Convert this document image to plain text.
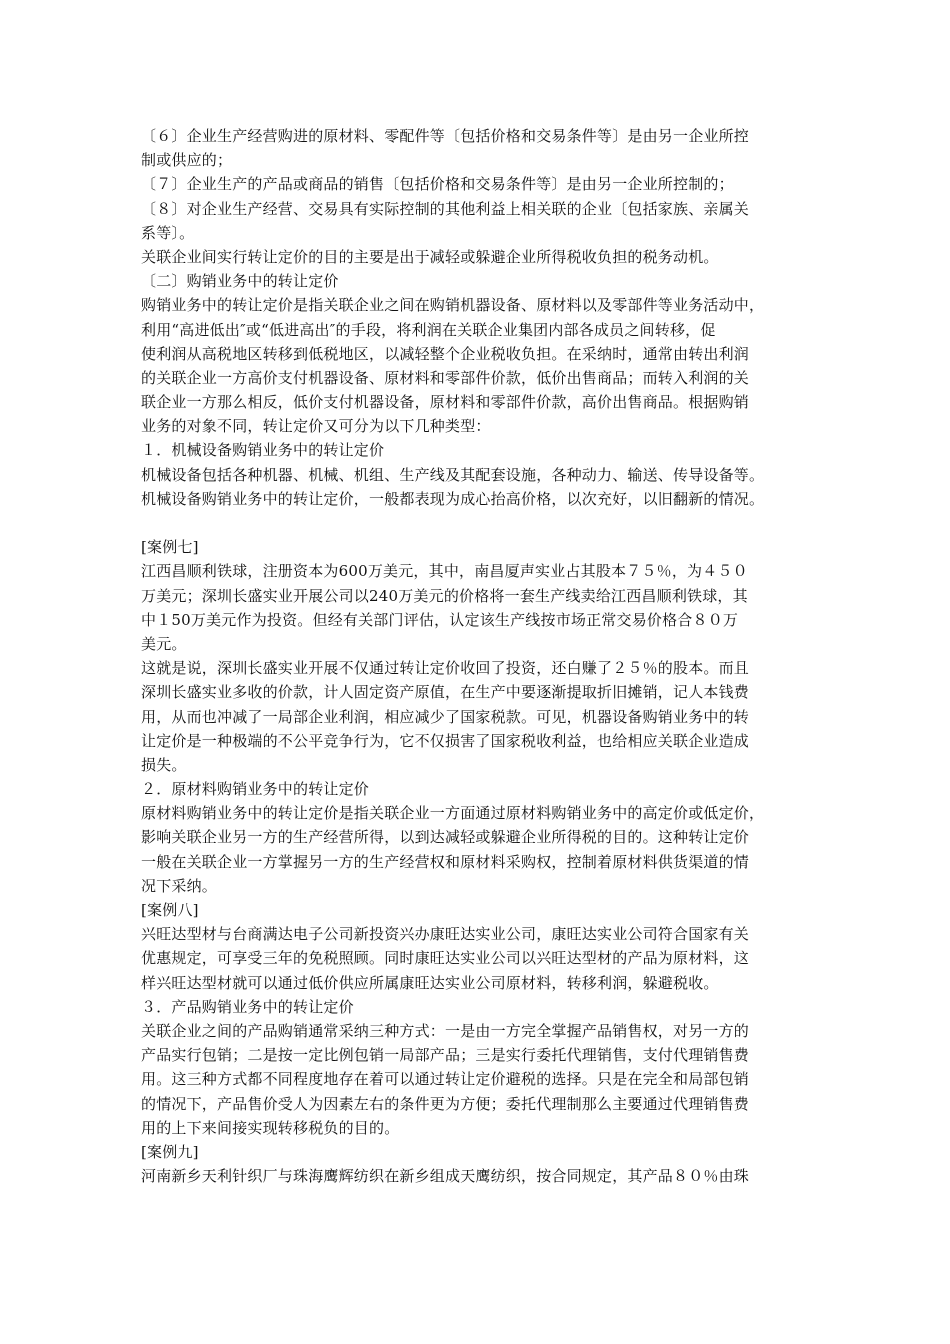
〔６〕企业生产经营购进的原材料、零配件等〔包括价格和交易条件等〕是由另一企业所控
制或供应的；
〔７〕企业生产的产品或商品的销售〔包括价格和交易条件等〕是由另一企业所控制的；
〔８〕对企业生产经营、交易具有实际控制的其他利益上相关联的企业〔包括家族、亲属关
系等〕。
关联企业间实行转让定价的目的主要是出于减轻或躲避企业所得税收负担的税务动机。
〔二〕购销业务中的转让定价
购销业务中的转让定价是指关联企业之间在购销机器设备、原材料以及零部件等业务活动中，
利用“高进低出″或“低进高出″的手段，将利润在关联企业集团内部各成员之间转移，促
使利润从高税地区转移到低税地区，以减轻整个企业税收负担。在采纳时，通常由转出利润
的关联企业一方高价支付机器设备、原材料和零部件价款，低价出售商品；而转入利润的关
联企业一方那么相反，低价支付机器设备，原材料和零部件价款，高价出售商品。根据购销
业务的对象不同，转让定价又可分为以下几种类型：
１．机械设备购销业务中的转让定价
机械设备包括各种机器、机械、机组、生产线及其配套设施，各种动力、输送、传导设备等。
机械设备购销业务中的转让定价，一般都表现为成心抬高价格，以次充好，以旧翻新的情况。
[案例七]
江西昌顺利铁球，注册资本为600万美元，其中，南昌厦声实业占其股本７５％，为４５０
万美元；深圳长盛实业开展公司以240万美元的价格将一套生产线卖给江西昌顺利铁球，其
中１50万美元作为投资。但经有关部门评估，认定该生产线按市场正常交易价格合８０万
美元。
这就是说，深圳长盛实业开展不仅通过转让定价收回了投资，还白赚了２５％的股本。而且
深圳长盛实业多收的价款，计人固定资产原值，在生产中要逐渐提取折旧摊销，记人本钱费
用，从而也冲减了一局部企业利润，相应减少了国家税款。可见，机器设备购销业务中的转
让定价是一种极端的不公平竞争行为，它不仅损害了国家税收利益，也给相应关联企业造成
损失。
２．原材料购销业务中的转让定价
原材料购销业务中的转让定价是指关联企业一方面通过原材料购销业务中的高定价或低定价，
影响关联企业另一方的生产经营所得，以到达减轻或躲避企业所得税的目的。这种转让定价
一般在关联企业一方掌握另一方的生产经营权和原材料采购权，控制着原材料供货渠道的情
况下采纳。
[案例八]
兴旺达型材与台商满达电子公司新投资兴办康旺达实业公司，康旺达实业公司符合国家有关
优惠规定，可享受三年的免税照顾。同时康旺达实业公司以兴旺达型材的产品为原材料，这
样兴旺达型材就可以通过低价供应所属康旺达实业公司原材料，转移利润，躲避税收。
３．产品购销业务中的转让定价
关联企业之间的产品购销通常采纳三种方式：一是由一方完全掌握产品销售权，对另一方的
产品实行包销；二是按一定比例包销一局部产品；三是实行委托代理销售，支付代理销售费
用。这三种方式都不同程度地存在着可以通过转让定价避税的选择。只是在完全和局部包销
的情况下，产品售价受人为因素左右的条件更为方便；委托代理制那么主要通过代理销售费
用的上下来间接实现转移税负的目的。
[案例九]
河南新乡天利针织厂与珠海鹰辉纺织在新乡组成天鹰纺织，按合同规定，其产品８０％由珠
